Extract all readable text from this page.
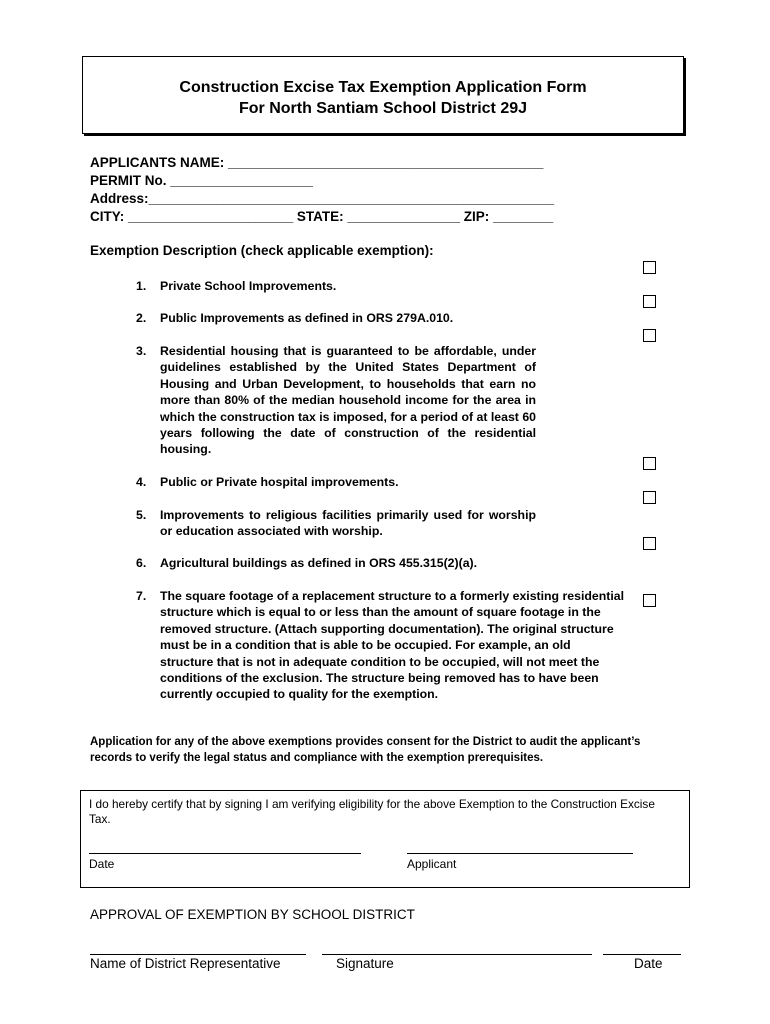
Construction Excise Tax Exemption Application Form
For North Santiam School District 29J
APPLICANTS NAME: __________________________________________
PERMIT No. ___________________
Address:______________________________________________________
CITY: ______________________ STATE: _______________ ZIP: ________
Exemption Description (check applicable exemption):
1. Private School Improvements.
2. Public Improvements as defined in ORS 279A.010.
3. Residential housing that is guaranteed to be affordable, under guidelines established by the United States Department of Housing and Urban Development, to households that earn no more than 80% of the median household income for the area in which the construction tax is imposed, for a period of at least 60 years following the date of construction of the residential housing.
4. Public or Private hospital improvements.
5. Improvements to religious facilities primarily used for worship or education associated with worship.
6. Agricultural buildings as defined in ORS 455.315(2)(a).
7. The square footage of a replacement structure to a formerly existing residential structure which is equal to or less than the amount of square footage in the removed structure. (Attach supporting documentation). The original structure must be in a condition that is able to be occupied. For example, an old structure that is not in adequate condition to be occupied, will not meet the conditions of the exclusion. The structure being removed has to have been currently occupied to quality for the exemption.
Application for any of the above exemptions provides consent for the District to audit the applicant’s records to verify the legal status and compliance with the exemption prerequisites.
I do hereby certify that by signing I am verifying eligibility for the above Exemption to the Construction Excise Tax.
Date	Applicant
APPROVAL OF EXEMPTION BY SCHOOL DISTRICT
Name of District Representative	Signature	Date
